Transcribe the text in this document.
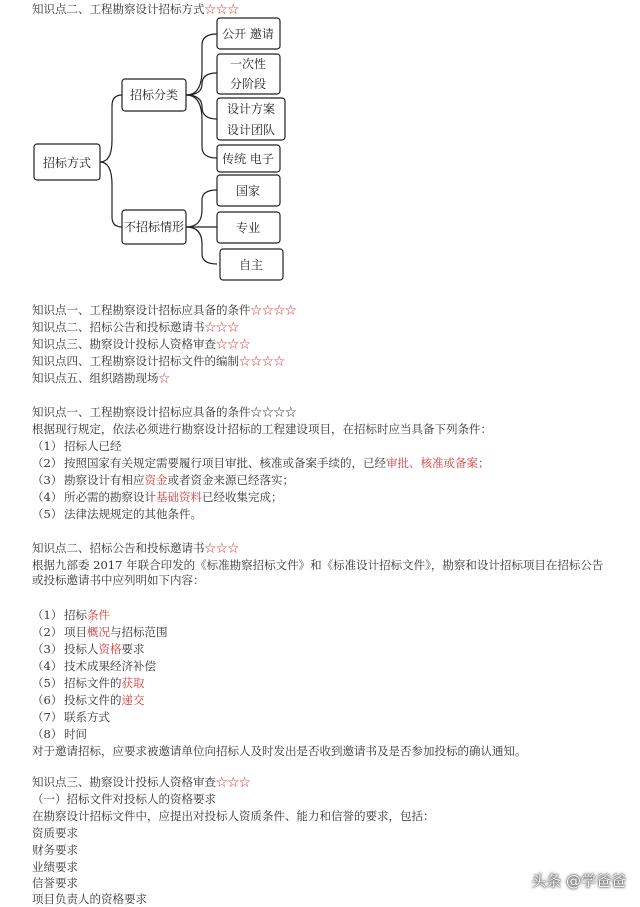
知识点二、工程勘察设计招标方式☆☆☆
招标方式
招标分类
不招标情形
公开 邀请
一次性
分阶段
设计方案
设计团队
传统 电子
国家
专业
自主
知识点一、工程勘察设计招标应具备的条件☆☆☆☆
知识点二、招标公告和投标邀请书☆☆☆
知识点三、勘察设计投标人资格审查☆☆☆
知识点四、工程勘察设计招标文件的编制☆☆☆☆
知识点五、组织踏勘现场☆
知识点一、工程勘察设计招标应具备的条件☆☆☆☆
根据现行规定，依法必须进行勘察设计招标的工程建设项目，在招标时应当具备下列条件：
（1） 招标人已经
（2） 按照国家有关规定需要履行项目审批、核准或备案手续的，已经审批、核准或备案；
（3） 勘察设计有相应资金或者资金来源已经落实；
（4） 所必需的勘察设计基础资料已经收集完成；
（5） 法律法规规定的其他条件。
知识点二、招标公告和投标邀请书☆☆☆
根据九部委 2017 年联合印发的《标准勘察招标文件》和《标准设计招标文件》，勘察和设计招标项目在招标公告或投标邀请书中应列明如下内容：
（1） 招标条件
（2） 项目概况与招标范围
（3） 投标人资格要求
（4） 技术成果经济补偿
（5） 招标文件的获取
（6） 投标文件的递交
（7） 联系方式
（8） 时间
对于邀请招标，应要求被邀请单位向招标人及时发出是否收到邀请书及是否参加投标的确认通知。
知识点三、勘察设计投标人资格审查☆☆☆
（一）招标文件对投标人的资格要求
在勘察设计招标文件中，应提出对投标人资质条件、能力和信誉的要求，包括：
资质要求
财务要求
业绩要求
信誉要求
项目负责人的资格要求
头条 @学爸爸
